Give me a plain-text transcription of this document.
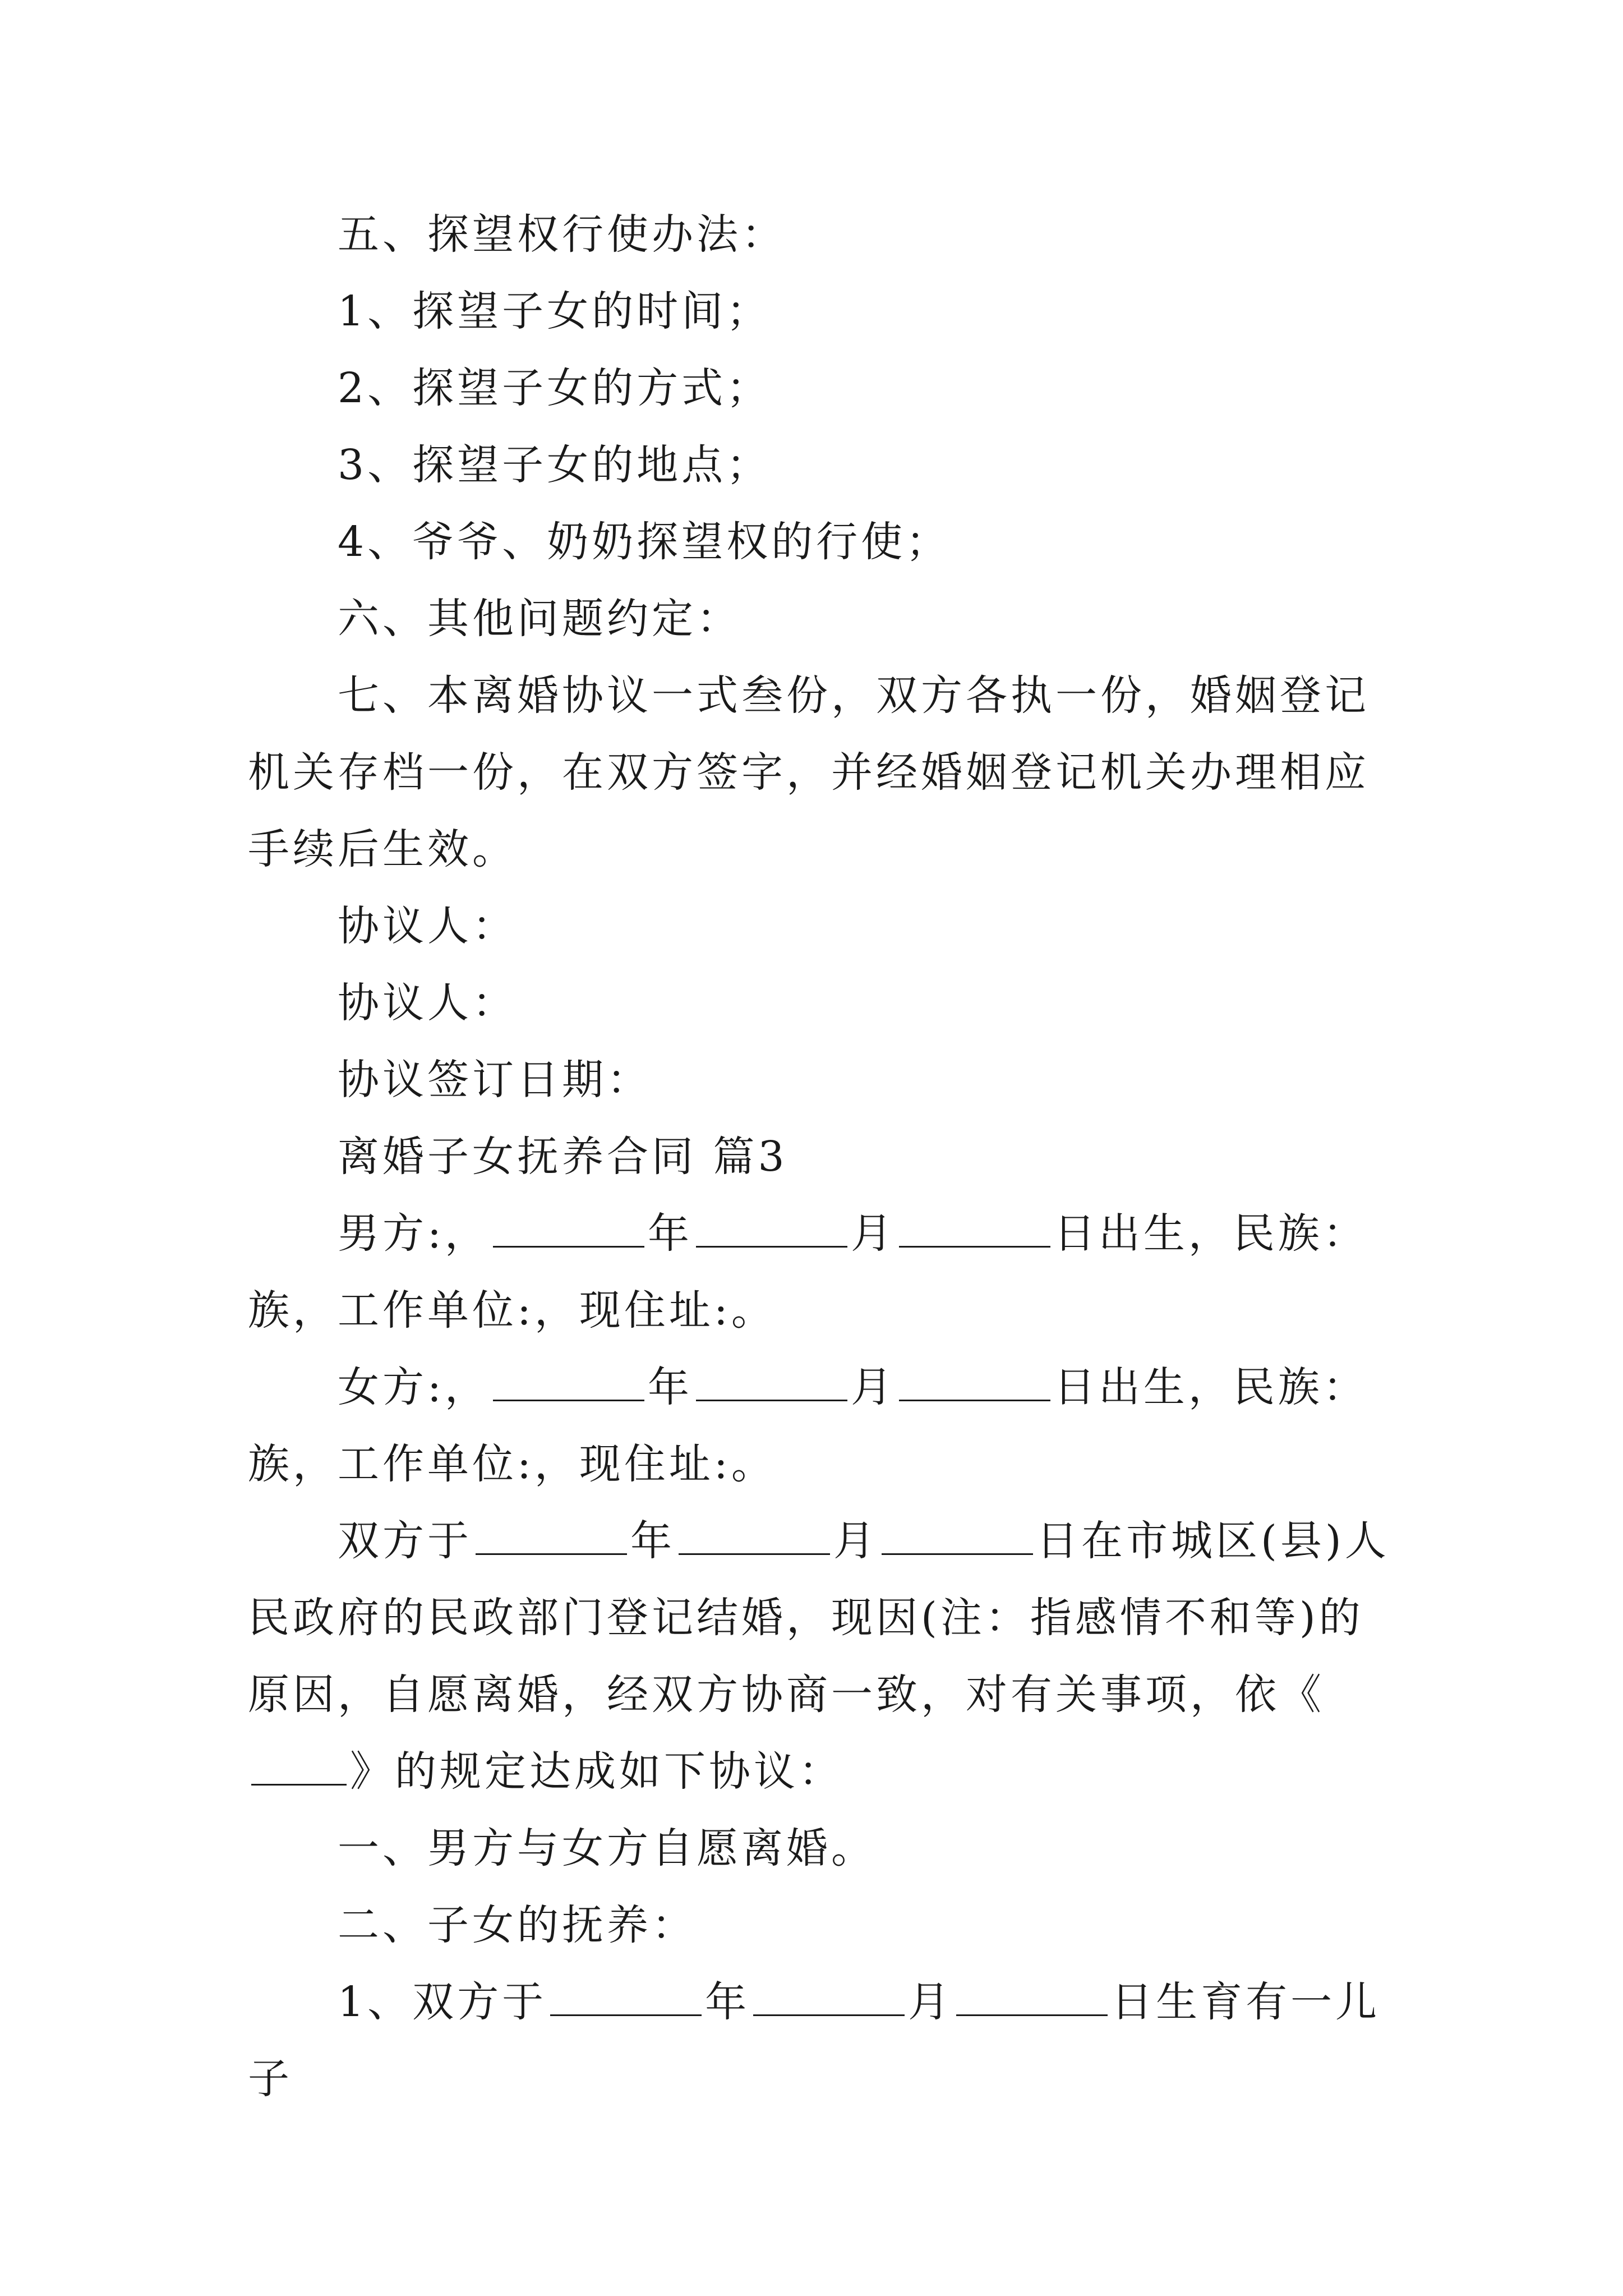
五、探望权行使办法：

1、探望子女的时间；

2、探望子女的方式；

3、探望子女的地点；

4、爷爷、奶奶探望权的行使；

六、其他问题约定：

七、本离婚协议一式叁份，双方各执一份，婚姻登记机关存档一份，在双方签字，并经婚姻登记机关办理相应手续后生效。

协议人：

协议人：

协议签订日期：

离婚子女抚养合同 篇3

男方:，	年	月	日出生，民族：族，工作单位:，现住址:。

女方:，	年	月	日出生，民族：族，工作单位:，现住址:。

双方于	年	月	日在市城区(县)人民政府的民政部门登记结婚，现因(注：指感情不和等)的原因，自愿离婚，经双方协商一致，对有关事项，依《》的规定达成如下协议：

一、男方与女方自愿离婚。

二、子女的抚养：

1、双方于	年	月	日生育有一儿子
